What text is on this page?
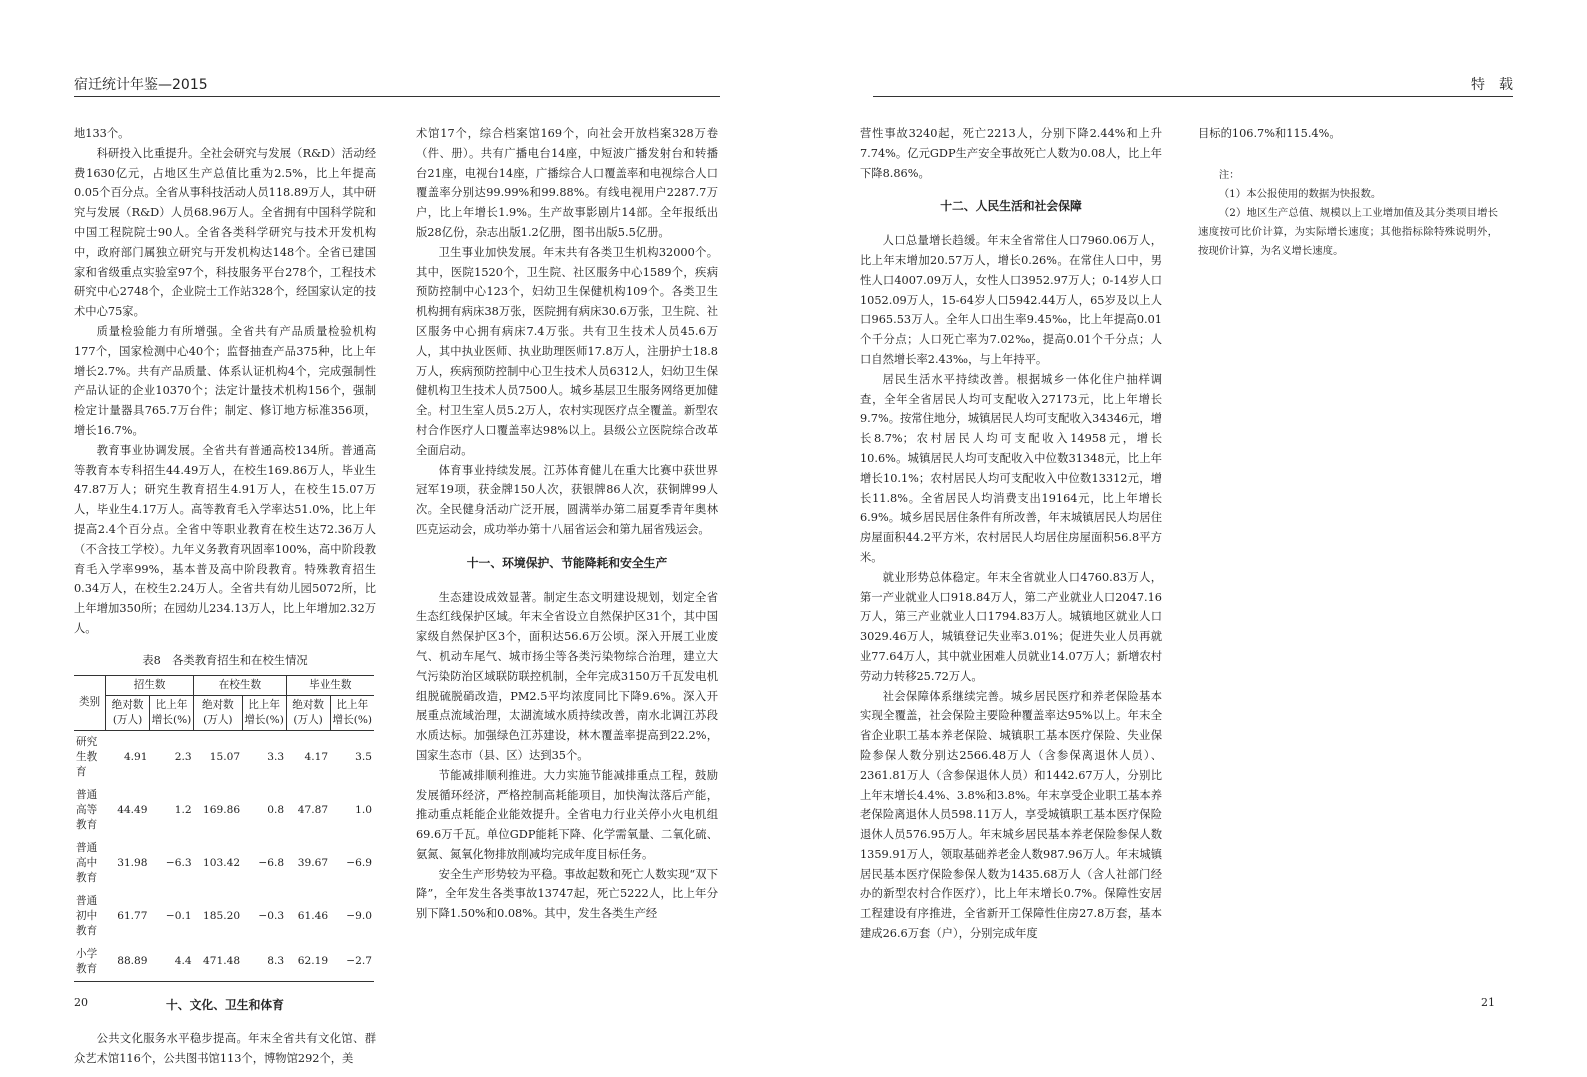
宿迁统计年鉴—2015

地133个。

科研投入比重提升。全社会研究与发展（R&D）活动经费1630亿元，占地区生产总值比重为2.5%，比上年提高0.05个百分点。全省从事科技活动人员118.89万人，其中研究与发展（R&D）人员68.96万人。全省拥有中国科学院和中国工程院院士90人。全省各类科学研究与技术开发机构中，政府部门属独立研究与开发机构达148个。全省已建国家和省级重点实验室97个，科技服务平台278个，工程技术研究中心2748个，企业院士工作站328个，经国家认定的技术中心75家。

质量检验能力有所增强。全省共有产品质量检验机构177个，国家检测中心40个；监督抽查产品375种，比上年增长2.7%。共有产品质量、体系认证机构4个，完成强制性产品认证的企业10370个；法定计量技术机构156个，强制检定计量器具765.7万台件；制定、修订地方标准356项，增长16.7%。

教育事业协调发展。全省共有普通高校134所。普通高等教育本专科招生44.49万人，在校生169.86万人，毕业生47.87万人；研究生教育招生4.91万人，在校生15.07万人，毕业生4.17万人。高等教育毛入学率达51.0%，比上年提高2.4个百分点。全省中等职业教育在校生达72.36万人（不含技工学校）。九年义务教育巩固率100%，高中阶段教育毛入学率99%，基本普及高中阶段教育。特殊教育招生0.34万人，在校生2.24万人。全省共有幼儿园5072所，比上年增加350所；在园幼儿234.13万人，比上年增加2.32万人。

表8　各类教育招生和在校生情况
类别	招生数		在校生数		毕业生数	
	绝对数(万人)	比上年增长(%)	绝对数(万人)	比上年增长(%)	绝对数(万人)	比上年增长(%)
研究生教育	4.91	2.3	15.07	3.3	4.17	3.5
普通高等教育	44.49	1.2	169.86	0.8	47.87	1.0
普通高中教育	31.98	−6.3	103.42	−6.8	39.67	−6.9
普通初中教育	61.77	−0.1	185.20	−0.3	61.46	−9.0
小学教育	88.89	4.4	471.48	8.3	62.19	−2.7
十、文化、卫生和体育

公共文化服务水平稳步提高。年末全省共有文化馆、群众艺术馆116个，公共图书馆113个，博物馆292个，美

术馆17个，综合档案馆169个，向社会开放档案328万卷（件、册）。共有广播电台14座，中短波广播发射台和转播台21座，电视台14座，广播综合人口覆盖率和电视综合人口覆盖率分别达99.99%和99.88%。有线电视用户2287.7万户，比上年增长1.9%。生产故事影剧片14部。全年报纸出版28亿份，杂志出版1.2亿册，图书出版5.5亿册。

卫生事业加快发展。年末共有各类卫生机构32000个。其中，医院1520个，卫生院、社区服务中心1589个，疾病预防控制中心123个，妇幼卫生保健机构109个。各类卫生机构拥有病床38万张，医院拥有病床30.6万张，卫生院、社区服务中心拥有病床7.4万张。共有卫生技术人员45.6万人，其中执业医师、执业助理医师17.8万人，注册护士18.8万人，疾病预防控制中心卫生技术人员6312人，妇幼卫生保健机构卫生技术人员7500人。城乡基层卫生服务网络更加健全。村卫生室人员5.2万人，农村实现医疗点全覆盖。新型农村合作医疗人口覆盖率达98%以上。县级公立医院综合改革全面启动。

体育事业持续发展。江苏体育健儿在重大比赛中获世界冠军19项，获金牌150人次，获银牌86人次，获铜牌99人次。全民健身活动广泛开展，圆满举办第二届夏季青年奥林匹克运动会，成功举办第十八届省运会和第九届省残运会。

十一、环境保护、节能降耗和安全生产

生态建设成效显著。制定生态文明建设规划，划定全省生态红线保护区域。年末全省设立自然保护区31个，其中国家级自然保护区3个，面积达56.6万公顷。深入开展工业废气、机动车尾气、城市扬尘等各类污染物综合治理，建立大气污染防治区域联防联控机制，全年完成3150万千瓦发电机组脱硫脱硝改造，PM2.5平均浓度同比下降9.6%。深入开展重点流域治理，太湖流域水质持续改善，南水北调江苏段水质达标。加强绿色江苏建设，林木覆盖率提高到22.2%，国家生态市（县、区）达到35个。

节能减排顺利推进。大力实施节能减排重点工程，鼓励发展循环经济，严格控制高耗能项目，加快淘汰落后产能，推动重点耗能企业能效提升。全省电力行业关停小火电机组69.6万千瓦。单位GDP能耗下降、化学需氧量、二氧化硫、氨氮、氮氧化物排放削减均完成年度目标任务。

安全生产形势较为平稳。事故起数和死亡人数实现“双下降”，全年发生各类事故13747起，死亡5222人，比上年分别下降1.50%和0.08%。其中，发生各类生产经

20
特　载

营性事故3240起，死亡2213人，分别下降2.44%和上升7.74%。亿元GDP生产安全事故死亡人数为0.08人，比上年下降8.86%。

十二、人民生活和社会保障

人口总量增长趋缓。年末全省常住人口7960.06万人，比上年末增加20.57万人，增长0.26%。在常住人口中，男性人口4007.09万人，女性人口3952.97万人；0-14岁人口1052.09万人，15-64岁人口5942.44万人，65岁及以上人口965.53万人。全年人口出生率9.45‰，比上年提高0.01个千分点；人口死亡率为7.02‰，提高0.01个千分点；人口自然增长率2.43‰，与上年持平。

居民生活水平持续改善。根据城乡一体化住户抽样调查，全年全省居民人均可支配收入27173元，比上年增长9.7%。按常住地分，城镇居民人均可支配收入34346元，增长8.7%；农村居民人均可支配收入14958元，增长10.6%。城镇居民人均可支配收入中位数31348元，比上年增长10.1%；农村居民人均可支配收入中位数13312元，增长11.8%。全省居民人均消费支出19164元，比上年增长6.9%。城乡居民居住条件有所改善，年末城镇居民人均居住房屋面积44.2平方米，农村居民人均居住房屋面积56.8平方米。

就业形势总体稳定。年末全省就业人口4760.83万人，第一产业就业人口918.84万人，第二产业就业人口2047.16万人，第三产业就业人口1794.83万人。城镇地区就业人口3029.46万人，城镇登记失业率3.01%；促进失业人员再就业77.64万人，其中就业困难人员就业14.07万人；新增农村劳动力转移25.72万人。

社会保障体系继续完善。城乡居民医疗和养老保险基本实现全覆盖，社会保险主要险种覆盖率达95%以上。年末全省企业职工基本养老保险、城镇职工基本医疗保险、失业保险参保人数分别达2566.48万人（含参保离退休人员）、2361.81万人（含参保退休人员）和1442.67万人，分别比上年末增长4.4%、3.8%和3.8%。年末享受企业职工基本养老保险离退休人员598.11万人，享受城镇职工基本医疗保险退休人员576.95万人。年末城乡居民基本养老保险参保人数1359.91万人，领取基础养老金人数987.96万人。年末城镇居民基本医疗保险参保人数为1435.68万人（含人社部门经办的新型农村合作医疗），比上年末增长0.7%。保障性安居工程建设有序推进，全省新开工保障性住房27.8万套，基本建成26.6万套（户），分别完成年度

目标的106.7%和115.4%。

注：

（1）本公报使用的数据为快报数。

（2）地区生产总值、规模以上工业增加值及其分类项目增长速度按可比价计算，为实际增长速度；其他指标除特殊说明外，按现价计算，为名义增长速度。

21
